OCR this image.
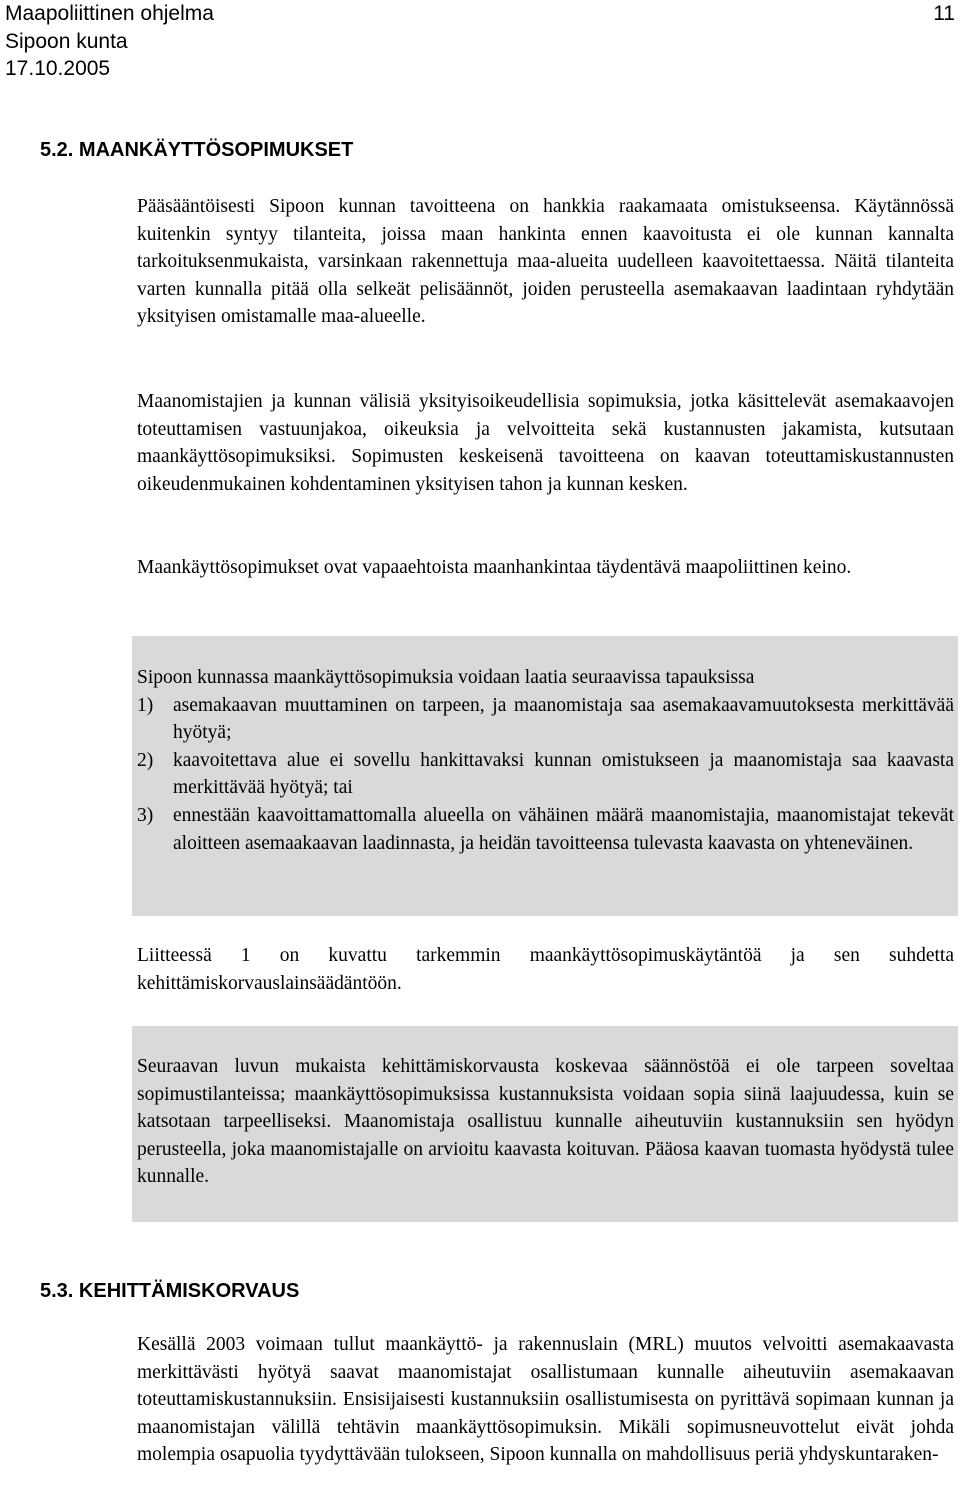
Maapoliittinen ohjelma
Sipoon kunta
17.10.2005
11
5.2. MAANKÄYTTÖSOPIMUKSET

Pääsääntöisesti Sipoon kunnan tavoitteena on hankkia raakamaata omistukseensa. Käytännössä kuitenkin syntyy tilanteita, joissa maan hankinta ennen kaavoitusta ei ole kunnan kannalta tarkoituksenmukaista, varsinkaan rakennettuja maa-alueita uudelleen kaavoitettaessa. Näitä tilanteita varten kunnalla pitää olla selkeät pelisäännöt, joiden perusteella asemakaavan laadintaan ryhdytään yksityisen omistamalle maa-alueelle.

Maanomistajien ja kunnan välisiä yksityisoikeudellisia sopimuksia, jotka käsittelevät asemakaavojen toteuttamisen vastuunjakoa, oikeuksia ja velvoitteita sekä kustannusten jakamista, kutsutaan maankäyttösopimuksiksi. Sopimusten keskeisenä tavoitteena on kaavan toteuttamiskustannusten oikeudenmukainen kohdentaminen yksityisen tahon ja kunnan kesken.

Maankäyttösopimukset ovat vapaaehtoista maanhankintaa täydentävä maapoliittinen keino.

Sipoon kunnassa maankäyttösopimuksia voidaan laatia seuraavissa tapauksissa
1)	asemakaavan muuttaminen on tarpeen, ja maanomistaja saa asemakaavamuutoksesta merkittävää hyötyä;
2)	kaavoitettava alue ei sovellu hankittavaksi kunnan omistukseen ja maanomistaja saa kaavasta merkittävää hyötyä; tai
3)	ennestään kaavoittamattomalla alueella on vähäinen määrä maanomistajia, maanomistajat tekevät aloitteen asemaakaavan laadinnasta, ja heidän tavoitteensa tulevasta kaavasta on yhteneväinen.

Liitteessä 1 on kuvattu tarkemmin maankäyttösopimuskäytäntöä ja sen suhdetta kehittämiskorvauslainsäädäntöön.

Seuraavan luvun mukaista kehittämiskorvausta koskevaa säännöstöä ei ole tarpeen soveltaa sopimustilanteissa; maankäyttösopimuksissa kustannuksista voidaan sopia siinä laajuudessa, kuin se katsotaan tarpeelliseksi. Maanomistaja osallistuu kunnalle aiheutuviin kustannuksiin sen hyödyn perusteella, joka maanomistajalle on arvioitu kaavasta koituvan. Pääosa kaavan tuomasta hyödystä tulee kunnalle.
5.3. KEHITTÄMISKORVAUS

Kesällä 2003 voimaan tullut maankäyttö- ja rakennuslain (MRL) muutos velvoitti asemakaavasta merkittävästi hyötyä saavat maanomistajat osallistumaan kunnalle aiheutuviin asemakaavan toteuttamiskustannuksiin. Ensisijaisesti kustannuksiin osallistumisesta on pyrittävä sopimaan kunnan ja maanomistajan välillä tehtävin maankäyttösopimuksin. Mikäli sopimusneuvottelut eivät johda molempia osapuolia tyydyttävään tulokseen, Sipoon kunnalla on mahdollisuus periä yhdyskuntaraken-
